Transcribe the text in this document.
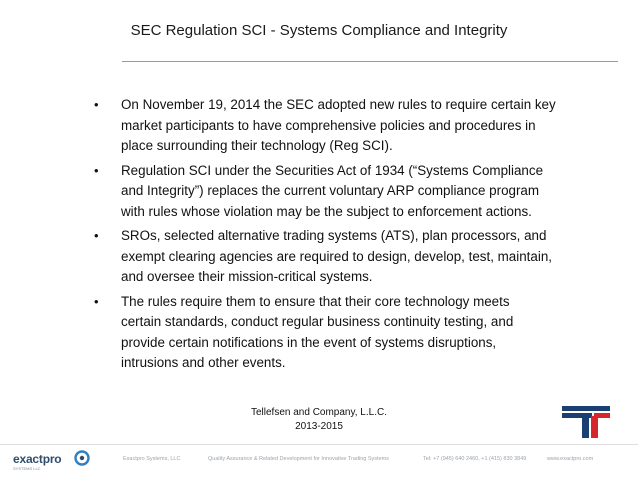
SEC Regulation SCI - Systems Compliance and Integrity
• On November 19, 2014 the SEC adopted new rules to require certain key
market participants to have comprehensive policies and procedures in
place surrounding their technology (Reg SCI).
• Regulation SCI under the Securities Act of 1934 (“Systems Compliance
and Integrity”) replaces the current voluntary ARP compliance program
with rules whose violation may be the subject to enforcement actions.
• SROs, selected alternative trading systems (ATS), plan processors, and
exempt clearing agencies are required to design, develop, test, maintain,
and oversee their mission-critical systems.
• The rules require them to ensure that their core technology meets
certain standards, conduct regular business continuity testing, and
provide certain notifications in the event of systems disruptions,
intrusions and other events.
Tellefsen and Company, L.L.C.
2013-2015
exactpro
SYSTEMS LLC
Exactpro Systems, LLC	Quality Assurance & Related Development for Innovative Trading Systems	Tel: +7 (945) 640 2460, +1 (415) 830 3849	www.exactpro.com
